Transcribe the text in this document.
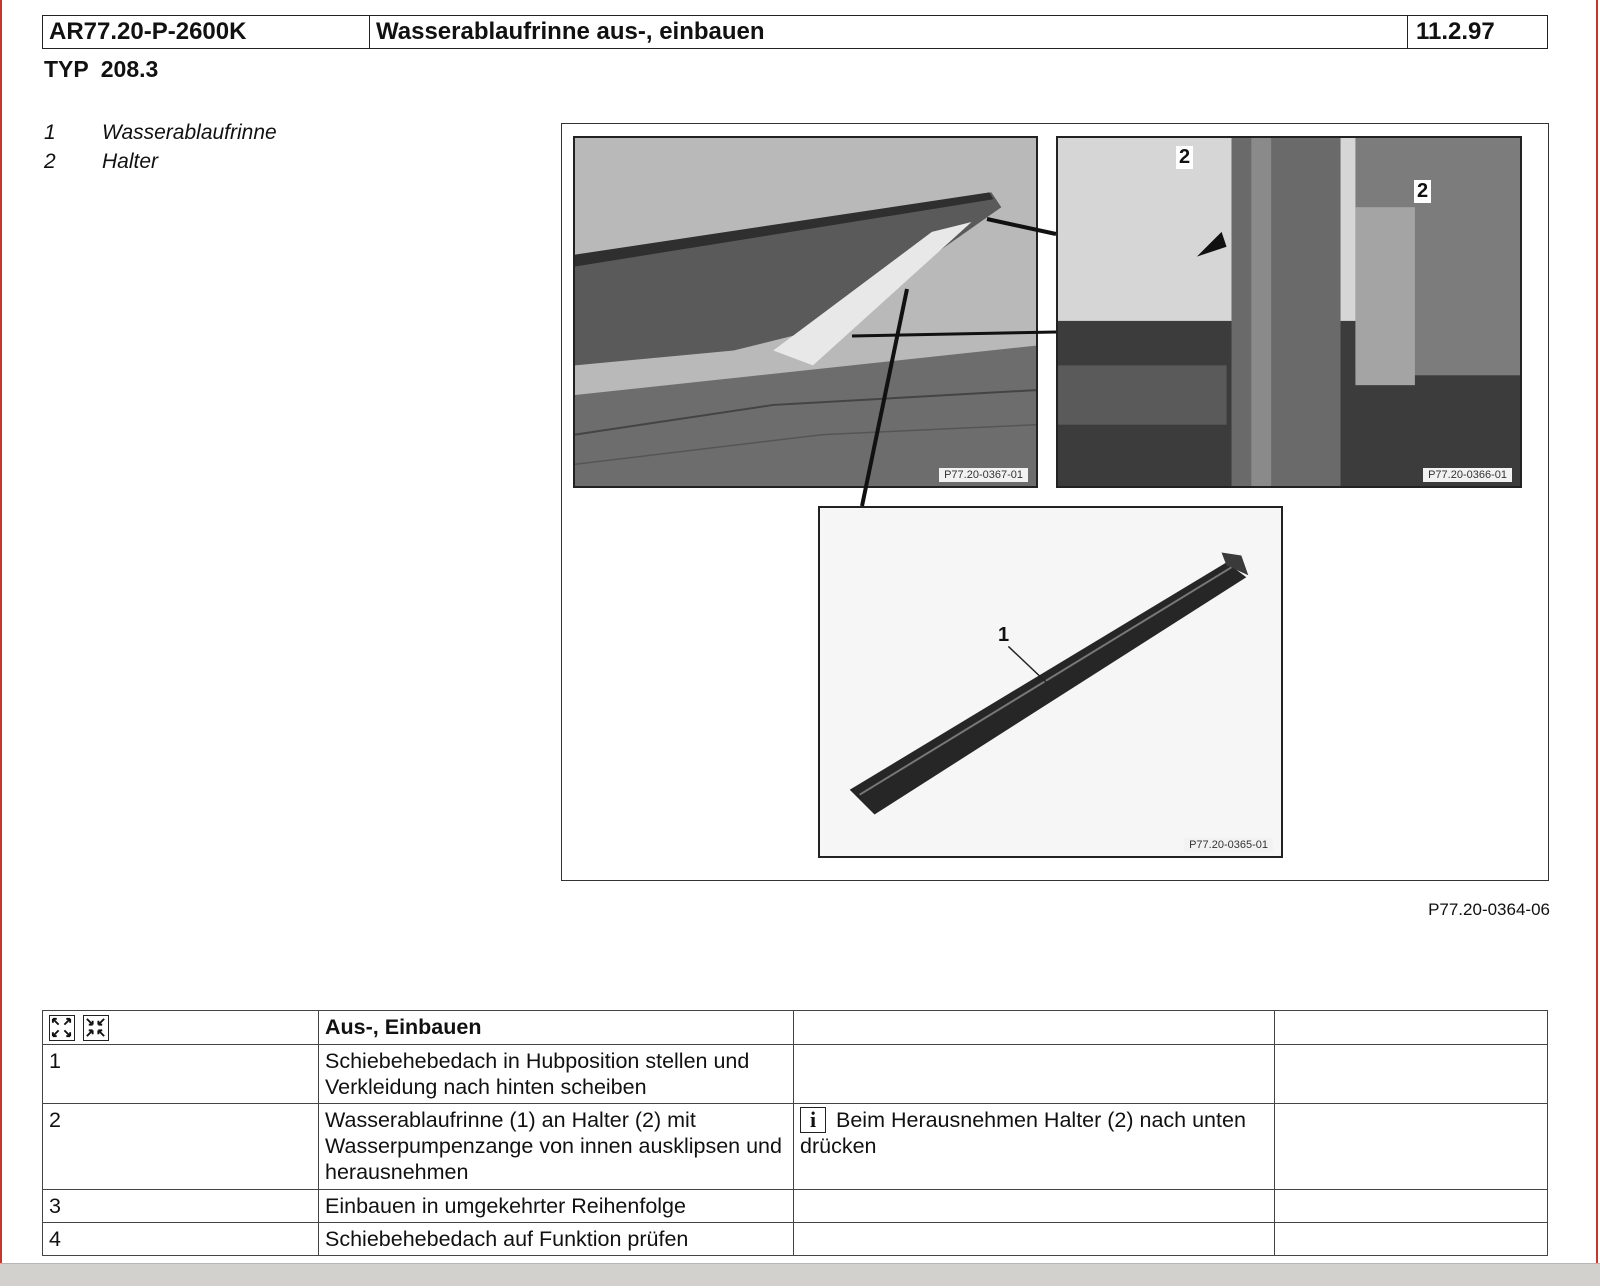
AR77.20-P-2600K	Wasserablaufrinne aus-, einbauen	11.2.97
TYP 208.3
1	Wasserablaufrinne
2	Halter
P77.20-0367-01
2
2
P77.20-0366-01
1
P77.20-0365-01
P77.20-0364-06
	Aus-, Einbauen		
1	Schiebehebedach in Hubposition stellen und Verkleidung nach hinten scheiben		
2	Wasserablaufrinne (1) an Halter (2) mit Wasserpumpenzange von innen ausklipsen und herausnehmen	i Beim Herausnehmen Halter (2) nach unten drücken	
3	Einbauen in umgekehrter Reihenfolge		
4	Schiebehebedach auf Funktion prüfen		
